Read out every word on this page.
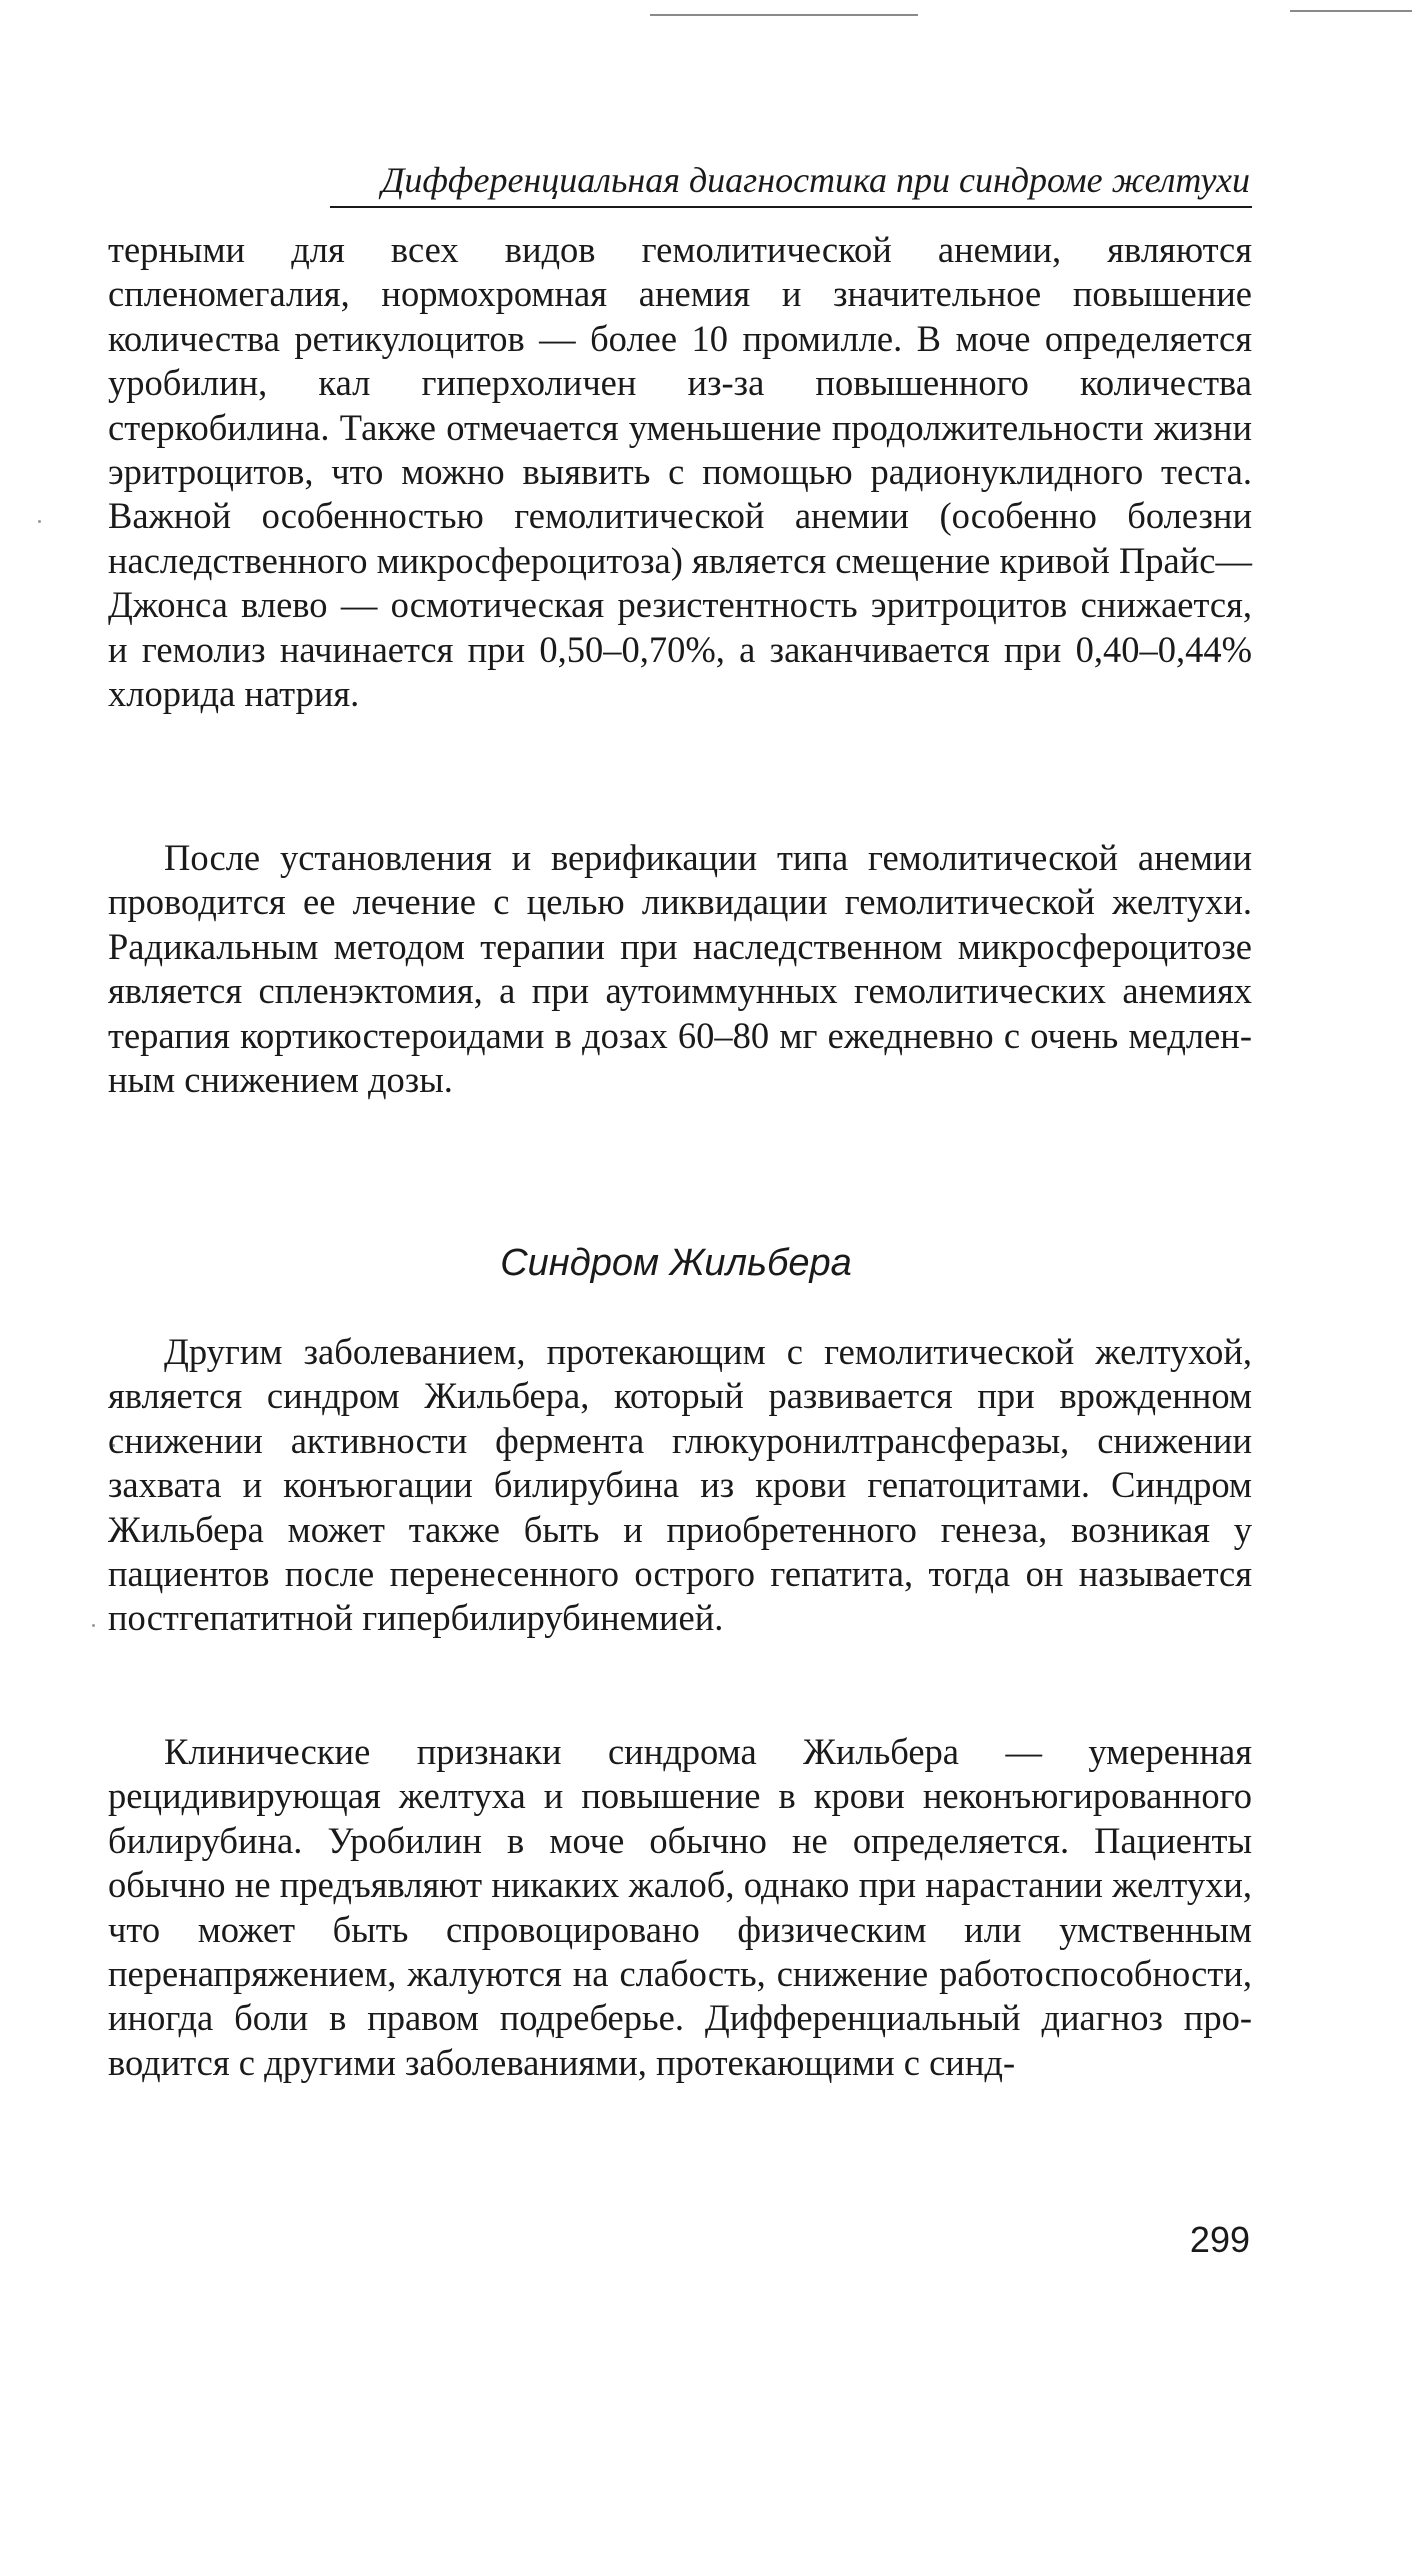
Дифференциальная диагностика при синдроме желтухи

терными для всех видов гемолитической анемии, являются спленомегалия, нормохромная анемия и значительное повышение количества ретикулоцитов — более 10 промилле. В моче определяется уробилин, кал гиперхоличен из-за повышенного количества стеркобилина. Также отмечается уменьшение продолжительности жизни эритроцитов, что можно выявить с помощью радионуклидного теста. Важной особенностью гемолитической анемии (особенно болезни наследственного микросфероцитоза) является смещение кривой Прайс—Джонса влево — осмотическая резистентность эритроцитов снижается, и гемолиз начинается при 0,50–0,70%, а заканчивается при 0,40–0,44% хлорида натрия.

После установления и верификации типа гемолитической анемии проводится ее лечение с целью ликвидации гемолитической желтухи. Радикальным методом терапии при наследственном микросфероцитозе является спленэктомия, а при аутоиммунных гемолитических анемиях терапия кортикостероидами в дозах 60–80 мг ежедневно с очень медленным снижением дозы.

Синдром Жильбера

Другим заболеванием, протекающим с гемолитической желтухой, является синдром Жильбера, который развивается при врожденном снижении активности фермента глюкуронилтрансферазы, снижении захвата и конъюгации билирубина из крови гепатоцитами. Синдром Жильбера может также быть и приобретенного генеза, возникая у пациентов после перенесенного острого гепатита, тогда он называется постгепатитной гипербилирубинемией.

Клинические признаки синдрома Жильбера — умеренная рецидивирующая желтуха и повышение в крови неконъюгированного билирубина. Уробилин в моче обычно не определяется. Пациенты обычно не предъявляют никаких жалоб, однако при нарастании желтухи, что может быть спровоцировано физическим или умственным перенапряжением, жалуются на слабость, снижение работоспособности, иногда боли в правом подреберье. Дифференциальный диагноз проводится с другими заболеваниями, протекающими с синд-

299
